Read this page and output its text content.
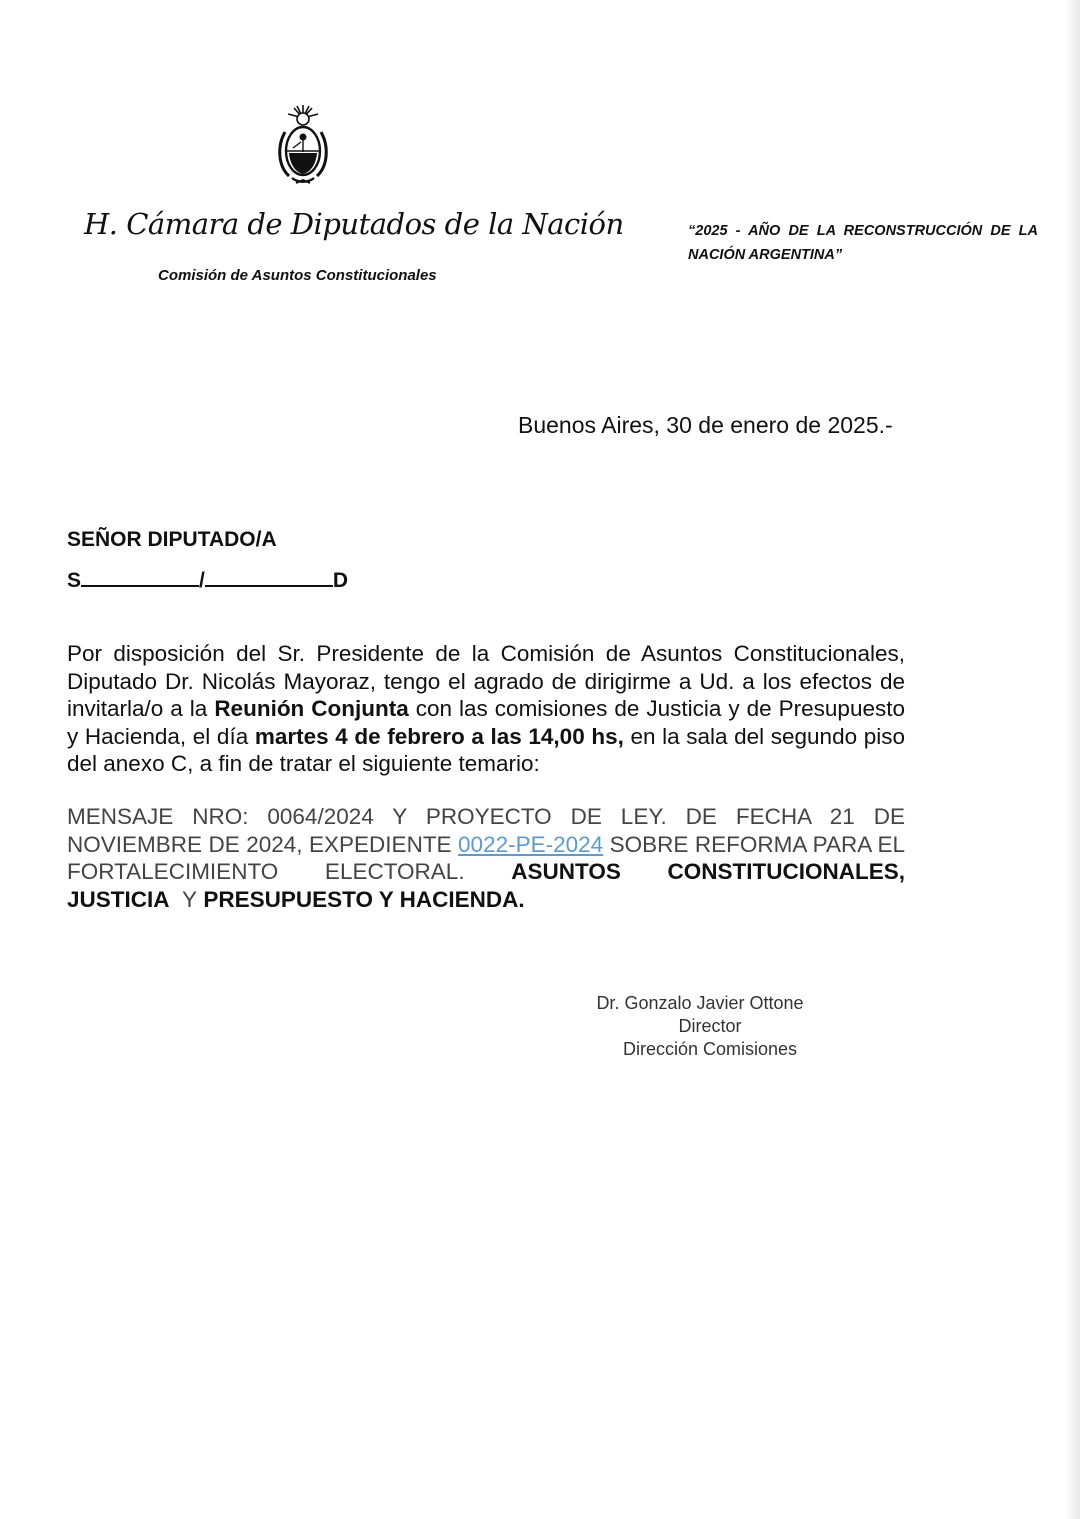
H. Cámara de Diputados de la Nación
Comisión de Asuntos Constitucionales
“2025 - AÑO DE LA RECONSTRUCCIÓN DE LA NACIÓN ARGENTINA”
Buenos Aires, 30 de enero de 2025.-
SEÑOR DIPUTADO/A
S	/	D
Por disposición del Sr. Presidente de la Comisión de Asuntos Constitucionales, Diputado Dr. Nicolás Mayoraz, tengo el agrado de dirigirme a Ud. a los efectos de invitarla/o a la Reunión Conjunta con las comisiones de Justicia y de Presupuesto y Hacienda, el día martes 4 de febrero a las 14,00 hs, en la sala del segundo piso del anexo C, a fin de tratar el siguiente temario:
MENSAJE NRO: 0064/2024 Y PROYECTO DE LEY. DE FECHA 21 DE NOVIEMBRE DE 2024, EXPEDIENTE 0022-PE-2024 SOBRE REFORMA PARA EL FORTALECIMIENTO ELECTORAL. ASUNTOS CONSTITUCIONALES, JUSTICIA Y PRESUPUESTO Y HACIENDA.
Dr. Gonzalo Javier Ottone
Director
Dirección Comisiones
